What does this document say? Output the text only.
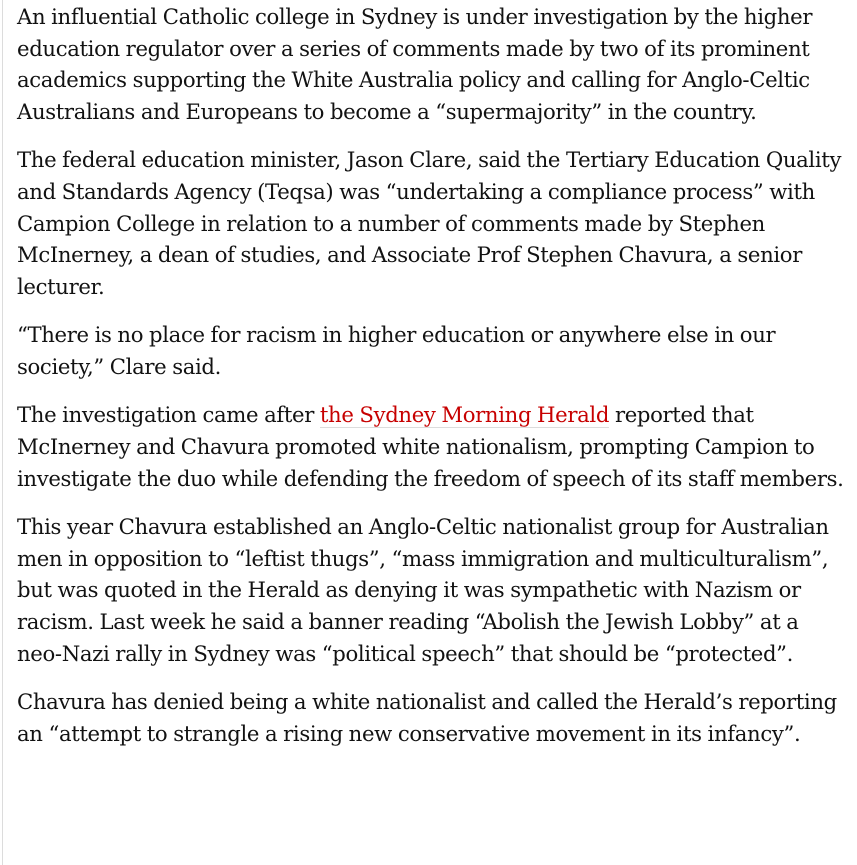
An influential Catholic college in Sydney is under investigation by the higher education regulator over a series of comments made by two of its prominent academics supporting the White Australia policy and calling for Anglo-Celtic Australians and Europeans to become a “supermajority” in the country.

The federal education minister, Jason Clare, said the Tertiary Education Quality and Standards Agency (Teqsa) was “undertaking a compliance process” with Campion College in relation to a number of comments made by Stephen McInerney, a dean of studies, and Associate Prof Stephen Chavura, a senior lecturer.

“There is no place for racism in higher education or anywhere else in our society,” Clare said.

The investigation came after the Sydney Morning Herald reported that McInerney and Chavura promoted white nationalism, prompting Campion to investigate the duo while defending the freedom of speech of its staff members.

This year Chavura established an Anglo-Celtic nationalist group for Australian men in opposition to “leftist thugs”, “mass immigration and multiculturalism”, but was quoted in the Herald as denying it was sympathetic with Nazism or racism. Last week he said a banner reading “Abolish the Jewish Lobby” at a neo-Nazi rally in Sydney was “political speech” that should be “protected”.

Chavura has denied being a white nationalist and called the Herald’s reporting an “attempt to strangle a rising new conservative movement in its infancy”.
